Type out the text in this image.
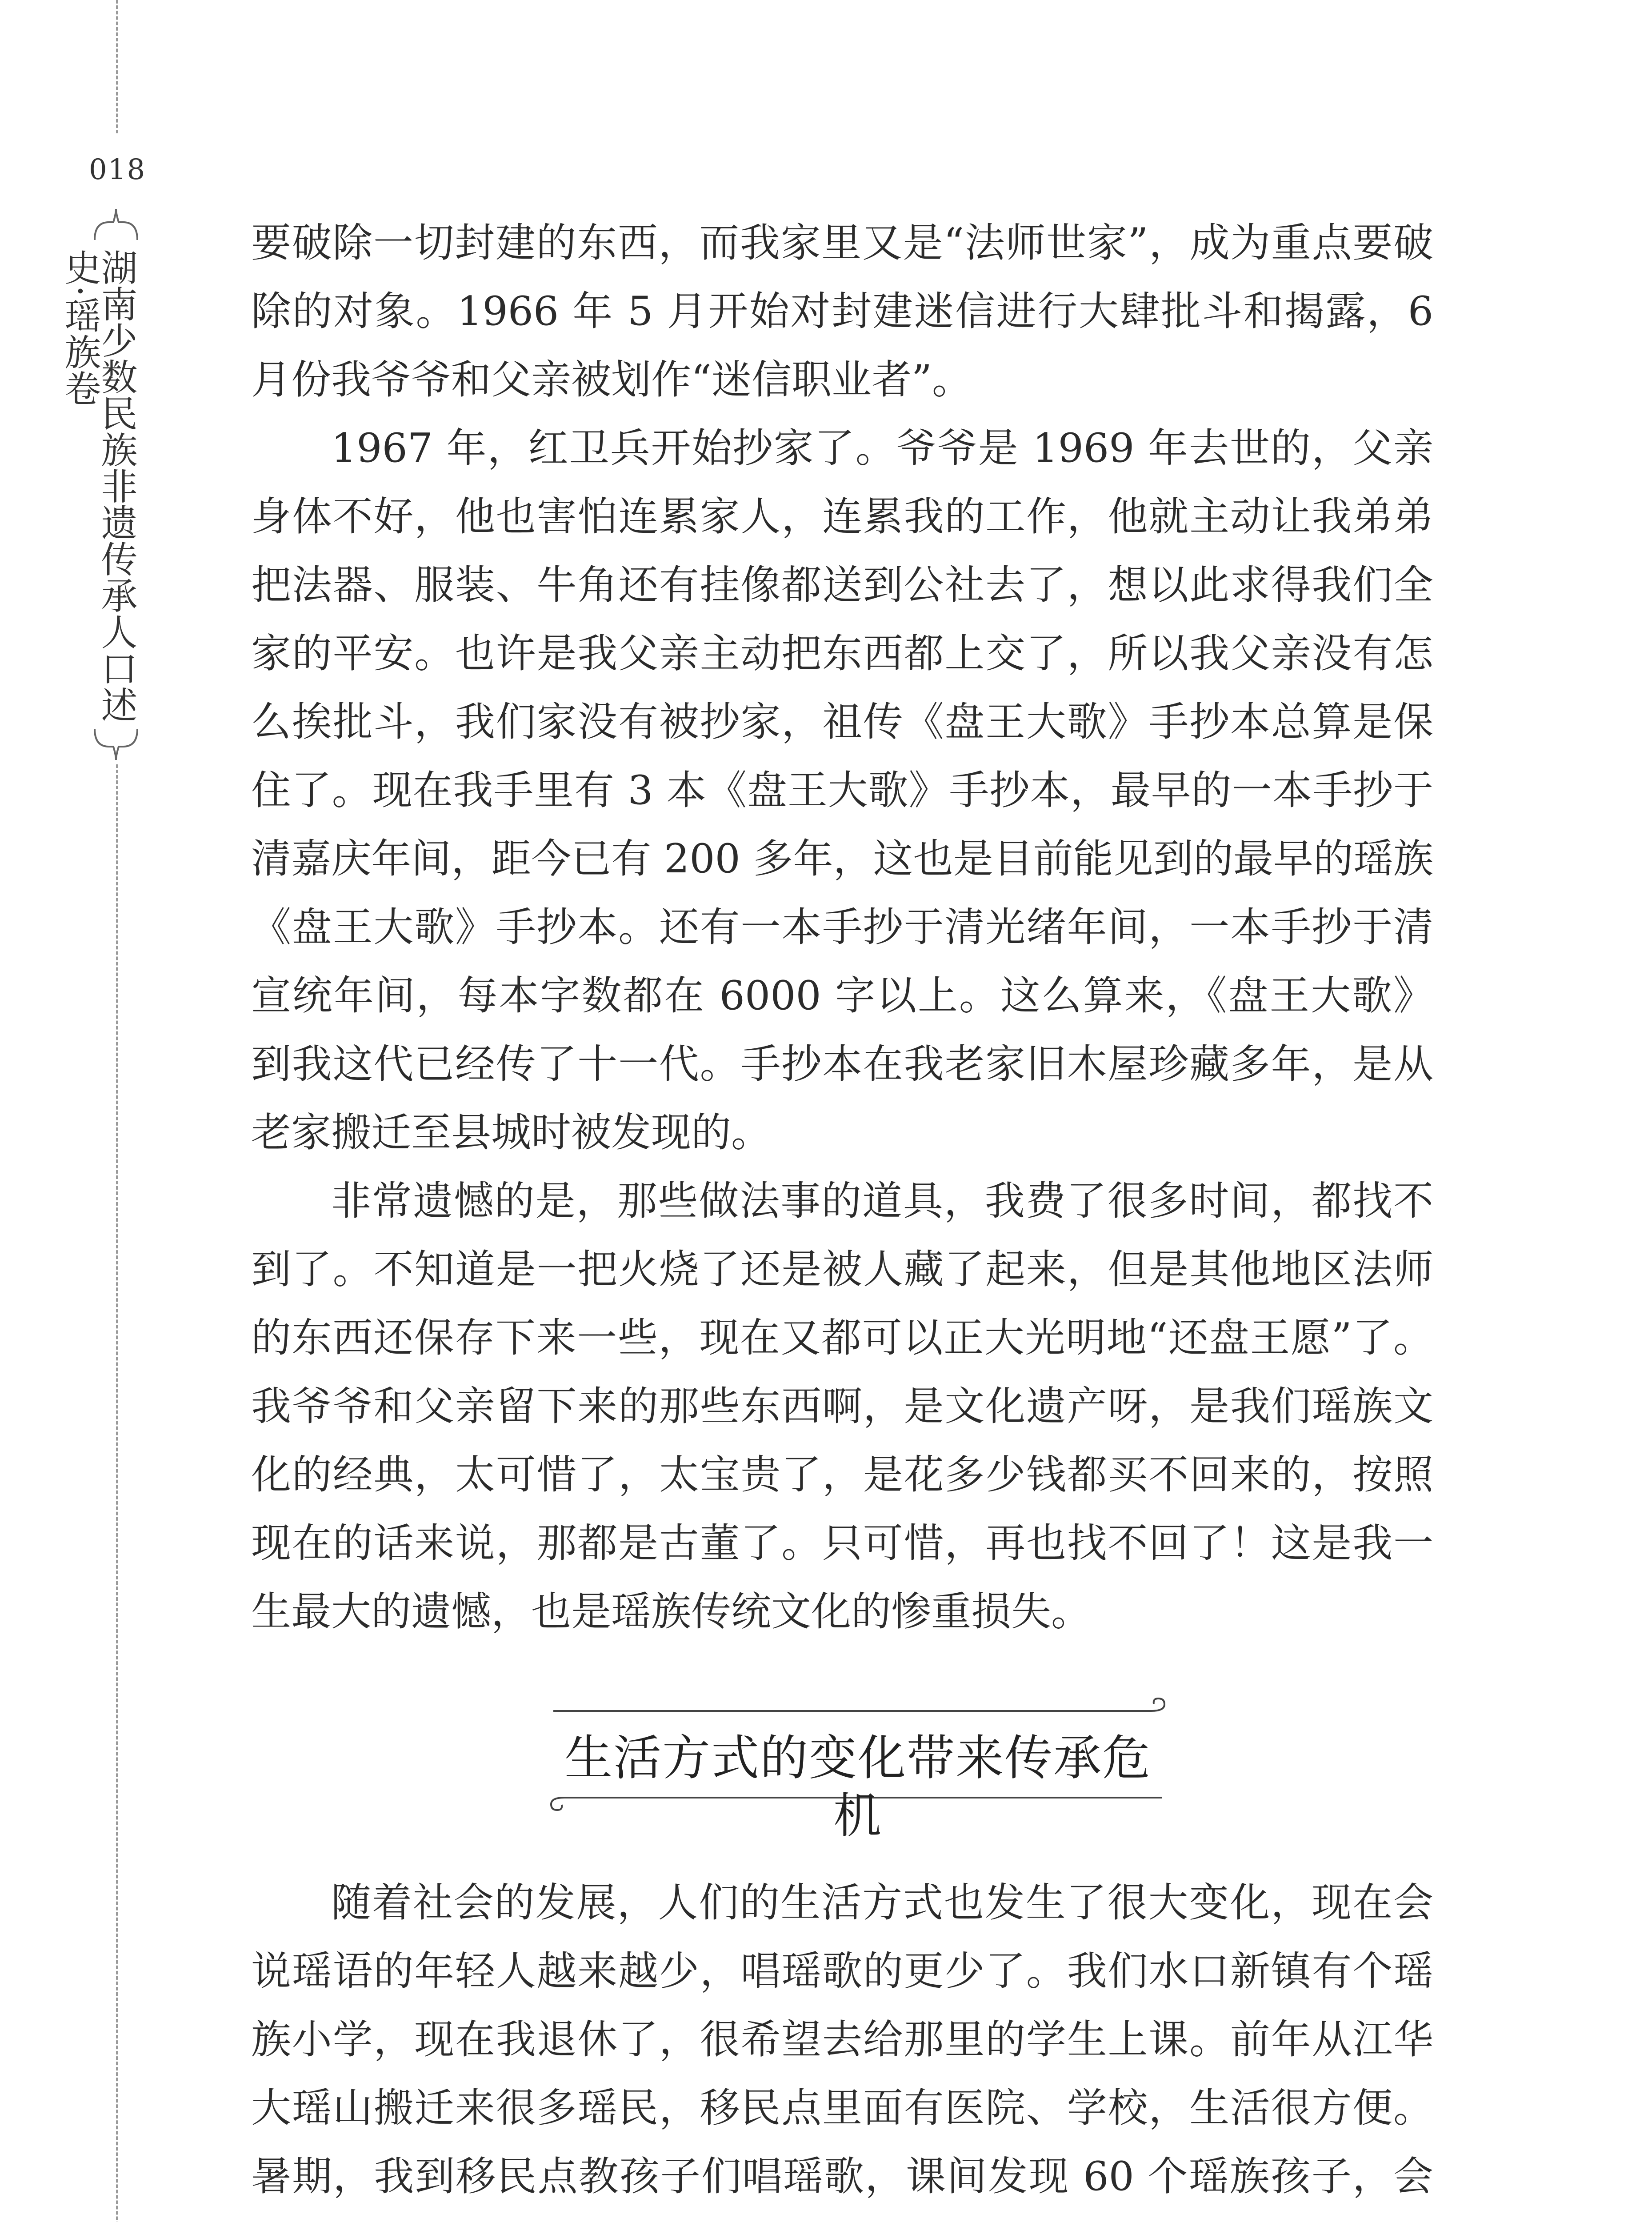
018
湖南少数民族非遗传承人口述史·瑶族卷

要破除一切封建的东西，而我家里又是“法师世家”，成为重点要破除的对象。1966 年 5 月开始对封建迷信进行大肆批斗和揭露，6 月份我爷爷和父亲被划作“迷信职业者”。

1967 年，红卫兵开始抄家了。爷爷是 1969 年去世的，父亲身体不好，他也害怕连累家人，连累我的工作，他就主动让我弟弟把法器、服装、牛角还有挂像都送到公社去了，想以此求得我们全家的平安。也许是我父亲主动把东西都上交了，所以我父亲没有怎么挨批斗，我们家没有被抄家，祖传《盘王大歌》手抄本总算是保住了。现在我手里有 3 本《盘王大歌》手抄本，最早的一本手抄于清嘉庆年间，距今已有 200 多年，这也是目前能见到的最早的瑶族《盘王大歌》手抄本。还有一本手抄于清光绪年间，一本手抄于清宣统年间，每本字数都在 6000 字以上。这么算来，《盘王大歌》到我这代已经传了十一代。手抄本在我老家旧木屋珍藏多年，是从老家搬迁至县城时被发现的。

非常遗憾的是，那些做法事的道具，我费了很多时间，都找不到了。不知道是一把火烧了还是被人藏了起来，但是其他地区法师的东西还保存下来一些，现在又都可以正大光明地“还盘王愿”了。我爷爷和父亲留下来的那些东西啊，是文化遗产呀，是我们瑶族文化的经典，太可惜了，太宝贵了，是花多少钱都买不回来的，按照现在的话来说，那都是古董了。只可惜，再也找不回了！这是我一生最大的遗憾，也是瑶族传统文化的惨重损失。

生活方式的变化带来传承危机

随着社会的发展，人们的生活方式也发生了很大变化，现在会说瑶语的年轻人越来越少，唱瑶歌的更少了。我们水口新镇有个瑶族小学，现在我退休了，很希望去给那里的学生上课。前年从江华大瑶山搬迁来很多瑶民，移民点里面有医院、学校，生活很方便。暑期，我到移民点教孩子们唱瑶歌，课间发现 60 个瑶族孩子，会
